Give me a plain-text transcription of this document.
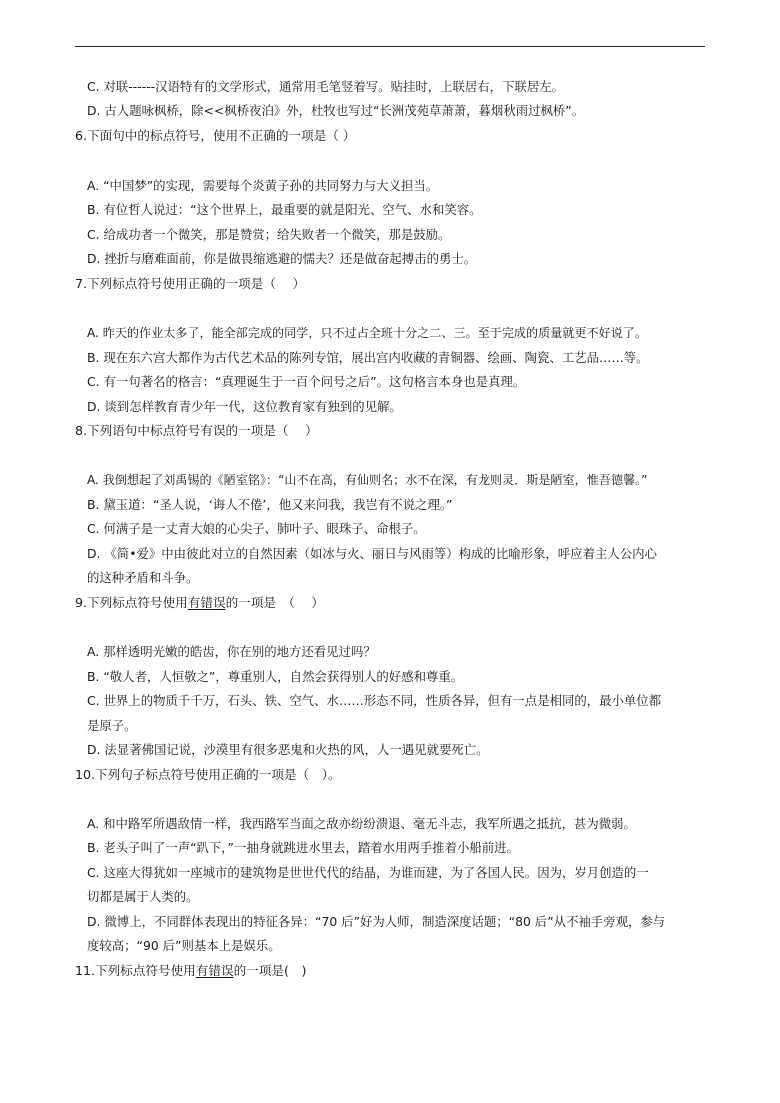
C. 对联------汉语特有的文学形式，通常用毛笔竖着写。贴挂时，上联居右，下联居左。
D. 古人题咏枫桥，除<<枫桥夜泊》外，杜牧也写过“长洲茂苑草萧萧，暮烟秋雨过枫桥”。
6.下面句中的标点符号，使用不正确的一项是（ ）
A. “中国梦”的实现，需要每个炎黄子孙的共同努力与大义担当。
B. 有位哲人说过：“这个世界上，最重要的就是阳光、空气、水和笑容。
C. 给成功者一个微笑，那是赞赏；给失败者一个微笑，那是鼓励。
D. 挫折与磨难面前，你是做畏缩逃避的懦夫？还是做奋起搏击的勇士。
7.下列标点符号使用正确的一项是（　 ）
A. 昨天的作业太多了，能全部完成的同学，只不过占全班十分之二、三。至于完成的质量就更不好说了。
B. 现在东六宫大都作为古代艺术品的陈列专馆，展出宫内收藏的青铜器、绘画、陶瓷、工艺品……等。
C. 有一句著名的格言：“真理诞生于一百个问号之后”。这句格言本身也是真理。
D. 谈到怎样教育青少年一代，这位教育家有独到的见解。
8.下列语句中标点符号有误的一项是（　 ）
A. 我倒想起了刘禹锡的《陋室铭》：“山不在高，有仙则名；水不在深，有龙则灵．斯是陋室，惟吾德馨。”
B. 黛玉道：“圣人说，‘诲人不倦’，他又来问我，我岂有不说之理。”
C. 何满子是一丈青大娘的心尖子、肺叶子、眼珠子、命根子。
D. 《简•爱》中由彼此对立的自然因素（如冰与火、丽日与风雨等）构成的比喻形象，呼应着主人公内心
的这种矛盾和斗争。
9.下列标点符号使用有错误的一项是　（　 ）
A. 那样透明光嫩的皓齿，你在别的地方还看见过吗？
B. “敬人者，人恒敬之”，尊重别人，自然会获得别人的好感和尊重。
C. 世界上的物质千千万，石头、铁、空气、水……形态不同，性质各异，但有一点是相同的，最小单位都
是原子。
D. 法显著佛国记说，沙漠里有很多恶鬼和火热的风，人一遇见就要死亡。
10.下列句子标点符号使用正确的一项是（　）。
A. 和中路军所遇敌情一样，我西路军当面之敌亦纷纷溃退、毫无斗志，我军所遇之抵抗，甚为微弱。
B. 老头子叫了一声“趴下，”一抽身就跳进水里去，踏着水用两手推着小船前进。
C. 这座大得犹如一座城市的建筑物是世世代代的结晶，为谁而建，为了各国人民。因为，岁月创造的一
切都是属于人类的。
D. 微博上，不同群体表现出的特征各异：“70 后”好为人师，制造深度话题；“80 后”从不袖手旁观，参与
度较高；“90 后”则基本上是娱乐。
11.下列标点符号使用有错误的一项是(　)
